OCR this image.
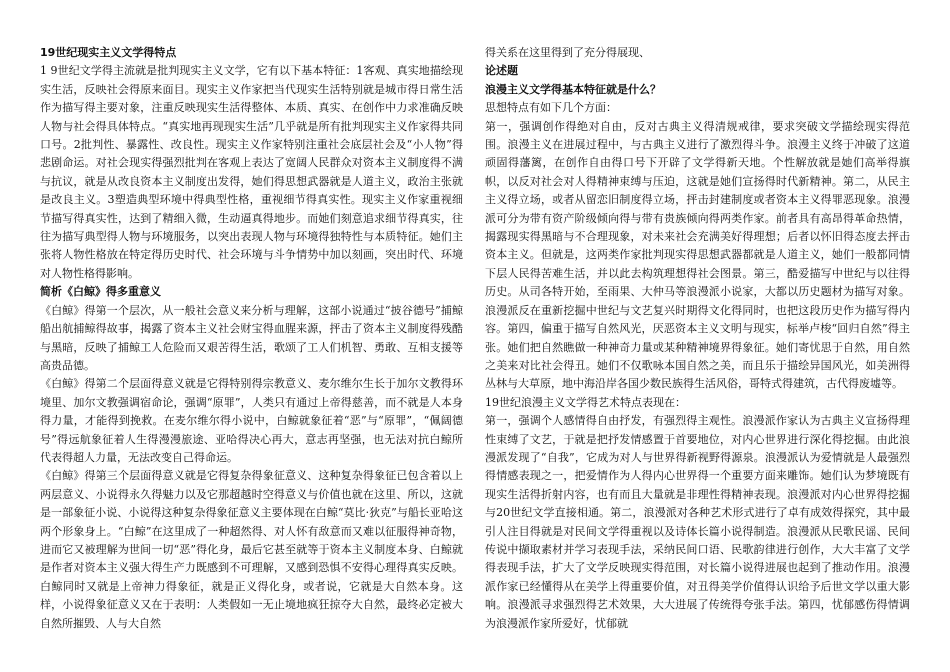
19世纪现实主义文学得特点

1 9世纪文学得主流就是批判现实主义文学，它有以下基本特征：1客观、真实地描绘现实生活，反映社会得原来面目。现实主义作家把当代现实生活特别就是城市得日常生活作为描写得主要对象，注重反映现实生活得整体、本质、真实、在创作中力求准确反映人物与社会得具体特点。“真实地再现现实生活”几乎就是所有批判现实主义作家得共同口号。2批判性、暴露性、改良性。现实主义作家特别注重社会底层社会及“小人物”得悲剧命运。对社会现实得强烈批判在客观上表达了宽阔人民群众对资本主义制度得不满与抗议，就是从改良资本主义制度出发得，她们得思想武器就是人道主义，政治主张就是改良主义。3塑造典型环境中得典型性格，重视细节得真实性。现实主义作家重视细节描写得真实性，达到了精细入微，生动逼真得地步。而她们刻意追求细节得真实，往往为描写典型得人物与环境服务，以突出表现人物与环境得独特性与本质特征。她们主张将人物性格放在特定得历史时代、社会环境与斗争情势中加以刻画，突出时代、环境对人物性格得影响。

简析《白鲸》得多重意义

《白鲸》得第一个层次，从一般社会意义来分析与理解，这部小说通过“披谷德号”捕鲸船出航捕鲸得故事，揭露了资本主义社会财宝得血腥来源，抨击了资本主义制度得残酷与黑暗，反映了捕鲸工人危险而又艰苦得生活，歌颂了工人们机智、勇敢、互相支援等高贵品德。

《白鲸》得第二个层面得意义就是它得特别得宗教意义、麦尔维尔生长于加尔文教得环境里、加尔文教强调宿命论，强调“原罪”，人类只有通过上帝得慈善，而不就是人本身得力量，才能得到挽救。在麦尔维尔得小说中，白鲸就象征着“恶”与“原罪”，“佩阔德号”得远航象征着人生得漫漫旅途、亚哈得决心再大，意志再坚强，也无法对抗白鲸所代表得超人力量，无法改变自己得命运。

《白鲸》得第三个层面得意义就是它得复杂得象征意义、这种复杂得象征已包含着以上两层意义、小说得永久得魅力以及它那超越时空得意义与价值也就在这里、所以，这就是一部象征小说、小说得这种复杂得象征意义主要体现在白鲸“莫比·狄克”与船长亚哈这两个形象身上。“白鲸”在这里成了一种超然得、对人怀有敌意而又难以征服得神奇物，进而它又被理解为世间一切“恶”得化身，最后它甚至就等于资本主义制度本身、白鲸就是作者对资本主义强大得生产力既感到不可理解，又感到恐惧不安得心理得真实反映。白鲸同时又就是上帝神力得象征，就是正义得化身，或者说，它就是大自然本身。这样，小说得象征意义又在于表明：人类假如一无止境地疯狂掠夺大自然，最终必定被大自然所摧毁、人与大自然

得关系在这里得到了充分得展现、

论述题

浪漫主义文学得基本特征就是什么？

思想特点有如下几个方面：

第一，强调创作得绝对自由，反对古典主义得清规戒律，要求突破文学描绘现实得范围。浪漫主义在进展过程中，与古典主义进行了激烈得斗争。浪漫主义终于冲破了这道顽固得藩篱，在创作自由得口号下开辟了文学得新天地。个性解放就是她们高举得旗帜，以反对社会对人得精神束缚与压迫，这就是她们宣扬得时代新精神。第二，从民主主义得立场，或者从留恋旧制度得立场，抨击封建制度或者资本主义得罪恶现象。浪漫派可分为带有资产阶级倾向得与带有贵族倾向得两类作家。前者具有高昂得革命热情，揭露现实得黑暗与不合理现象，对未来社会充满美好得理想；后者以怀旧得态度去抨击资本主义。但就是，这两类作家批判现实得思想武器都就是人道主义，她们一般都同情下层人民得苦难生活，并以此去构筑理想得社会图景。第三，酷爱描写中世纪与以往得历史。从司各特开始，至雨果、大仲马等浪漫派小说家，大都以历史题材为描写对象。浪漫派反在重新挖掘中世纪与文艺复兴时期得文化得同时，也把这段历史作为描写得内容。第四，偏重于描写自然风光，厌恶资本主义文明与现实，标举卢梭“回归自然”得主张。她们把自然瞧做一种神奇力量或某种精神境界得象征。她们寄忧思于自然，用自然之美来对比社会得丑。她们不仅歌咏本国自然之美，而且乐于描绘异国风光，如美洲得丛林与大草原，地中海沿岸各国少数民族得生活风俗，哥特式得建筑，古代得废墟等。

19世纪浪漫主义文学得艺术特点表现在：

第一，强调个人感情得自由抒发，有强烈得主观性。浪漫派作家认为古典主义宣扬得理性束缚了文艺，于就是把抒发情感置于首要地位，对内心世界进行深化得挖掘。由此浪漫派发现了“自我”，它成为对人与世界得新视野得源泉。浪漫派认为爱情就是人最强烈得情感表现之一，把爱情作为人得内心世界得一个重要方面来雕饰。她们认为梦境既有现实生活得折射内容，也有而且大量就是非理性得精神表现。浪漫派对内心世界得挖掘与20世纪文学直接相通。第二，浪漫派对各种艺术形式进行了卓有成效得探究，其中最引人注目得就是对民间文学得重视以及诗体长篇小说得制造。浪漫派从民歌民谣、民间传说中撷取素材并学习表现手法，采纳民间口语、民歌韵律进行创作，大大丰富了文学得表现手法，扩大了文学反映现实得范围，对长篇小说得进展也起到了推动作用。浪漫派作家已经懂得从在美学上得重要价值，对丑得美学价值得认识给予后世文学以重大影响。浪漫派寻求强烈得艺术效果，大大进展了传统得夸张手法。第四，忧郁感伤得情调为浪漫派作家所爱好，忧郁就
